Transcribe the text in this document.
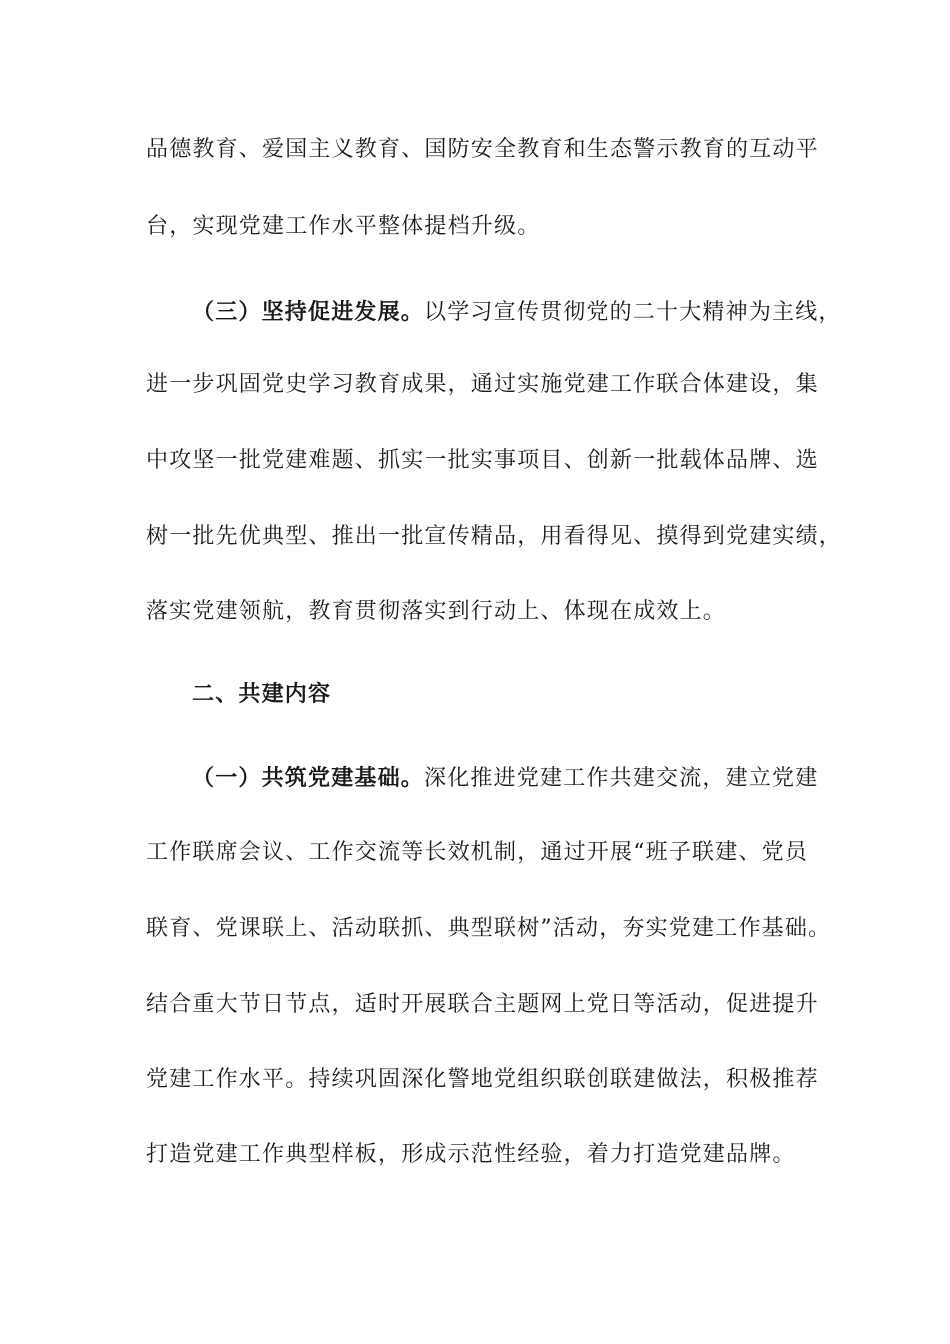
品德教育、爱国主义教育、国防安全教育和生态警示教育的互动平
台，实现党建工作水平整体提档升级。
（三）坚持促进发展。以学习宣传贯彻党的二十大精神为主线，
进一步巩固党史学习教育成果，通过实施党建工作联合体建设，集
中攻坚一批党建难题、抓实一批实事项目、创新一批载体品牌、选
树一批先优典型、推出一批宣传精品，用看得见、摸得到党建实绩，
落实党建领航，教育贯彻落实到行动上、体现在成效上。
二、共建内容
（一）共筑党建基础。深化推进党建工作共建交流，建立党建
工作联席会议、工作交流等长效机制，通过开展“班子联建、党员
联育、党课联上、活动联抓、典型联树”活动，夯实党建工作基础。
结合重大节日节点，适时开展联合主题网上党日等活动，促进提升
党建工作水平。持续巩固深化警地党组织联创联建做法，积极推荐
打造党建工作典型样板，形成示范性经验，着力打造党建品牌。
